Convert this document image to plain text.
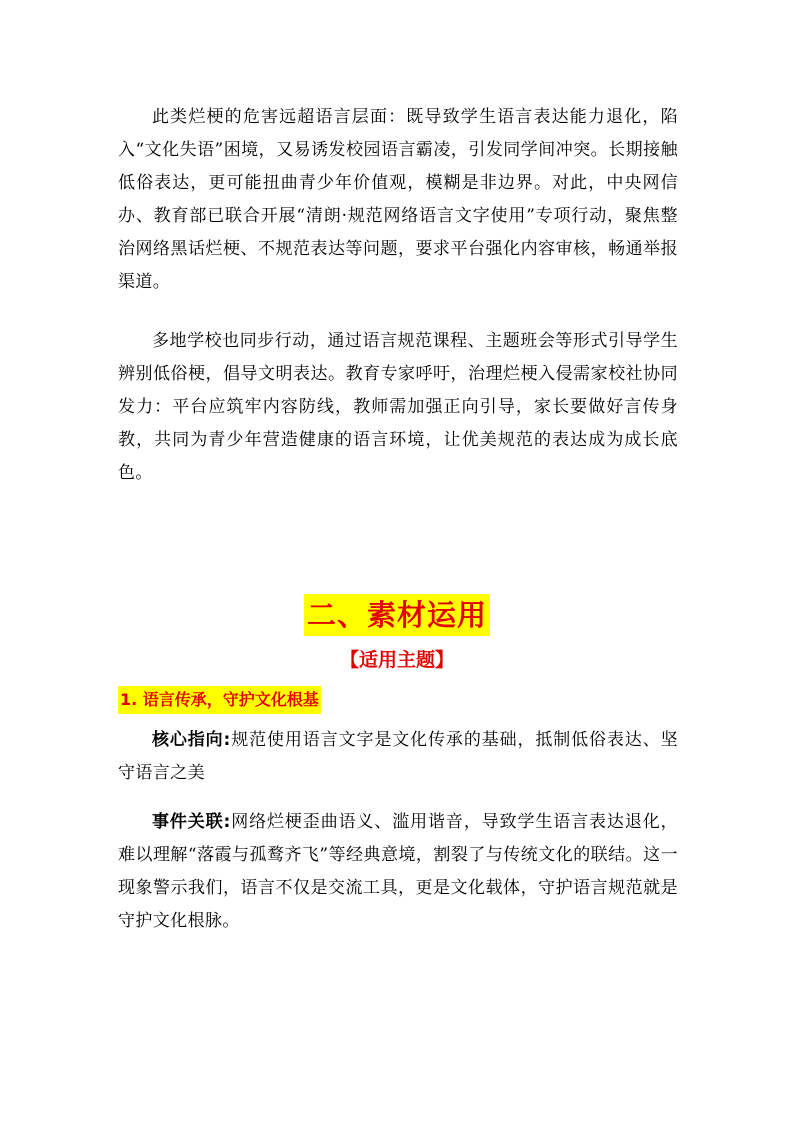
此类烂梗的危害远超语言层面：既导致学生语言表达能力退化，陷入“文化失语”困境，又易诱发校园语言霸凌，引发同学间冲突。长期接触低俗表达，更可能扭曲青少年价值观，模糊是非边界。对此，中央网信办、教育部已联合开展“清朗·规范网络语言文字使用”专项行动，聚焦整治网络黑话烂梗、不规范表达等问题，要求平台强化内容审核，畅通举报渠道。

多地学校也同步行动，通过语言规范课程、主题班会等形式引导学生辨别低俗梗，倡导文明表达。教育专家呼吁，治理烂梗入侵需家校社协同发力：平台应筑牢内容防线，教师需加强正向引导，家长要做好言传身教，共同为青少年营造健康的语言环境，让优美规范的表达成为成长底色。

二、素材运用
【适用主题】
1. 语言传承，守护文化根基

核心指向:规范使用语言文字是文化传承的基础，抵制低俗表达、坚守语言之美

事件关联:网络烂梗歪曲语义、滥用谐音，导致学生语言表达退化，难以理解“落霞与孤鹜齐飞”等经典意境，割裂了与传统文化的联结。这一现象警示我们，语言不仅是交流工具，更是文化载体，守护语言规范就是守护文化根脉。
